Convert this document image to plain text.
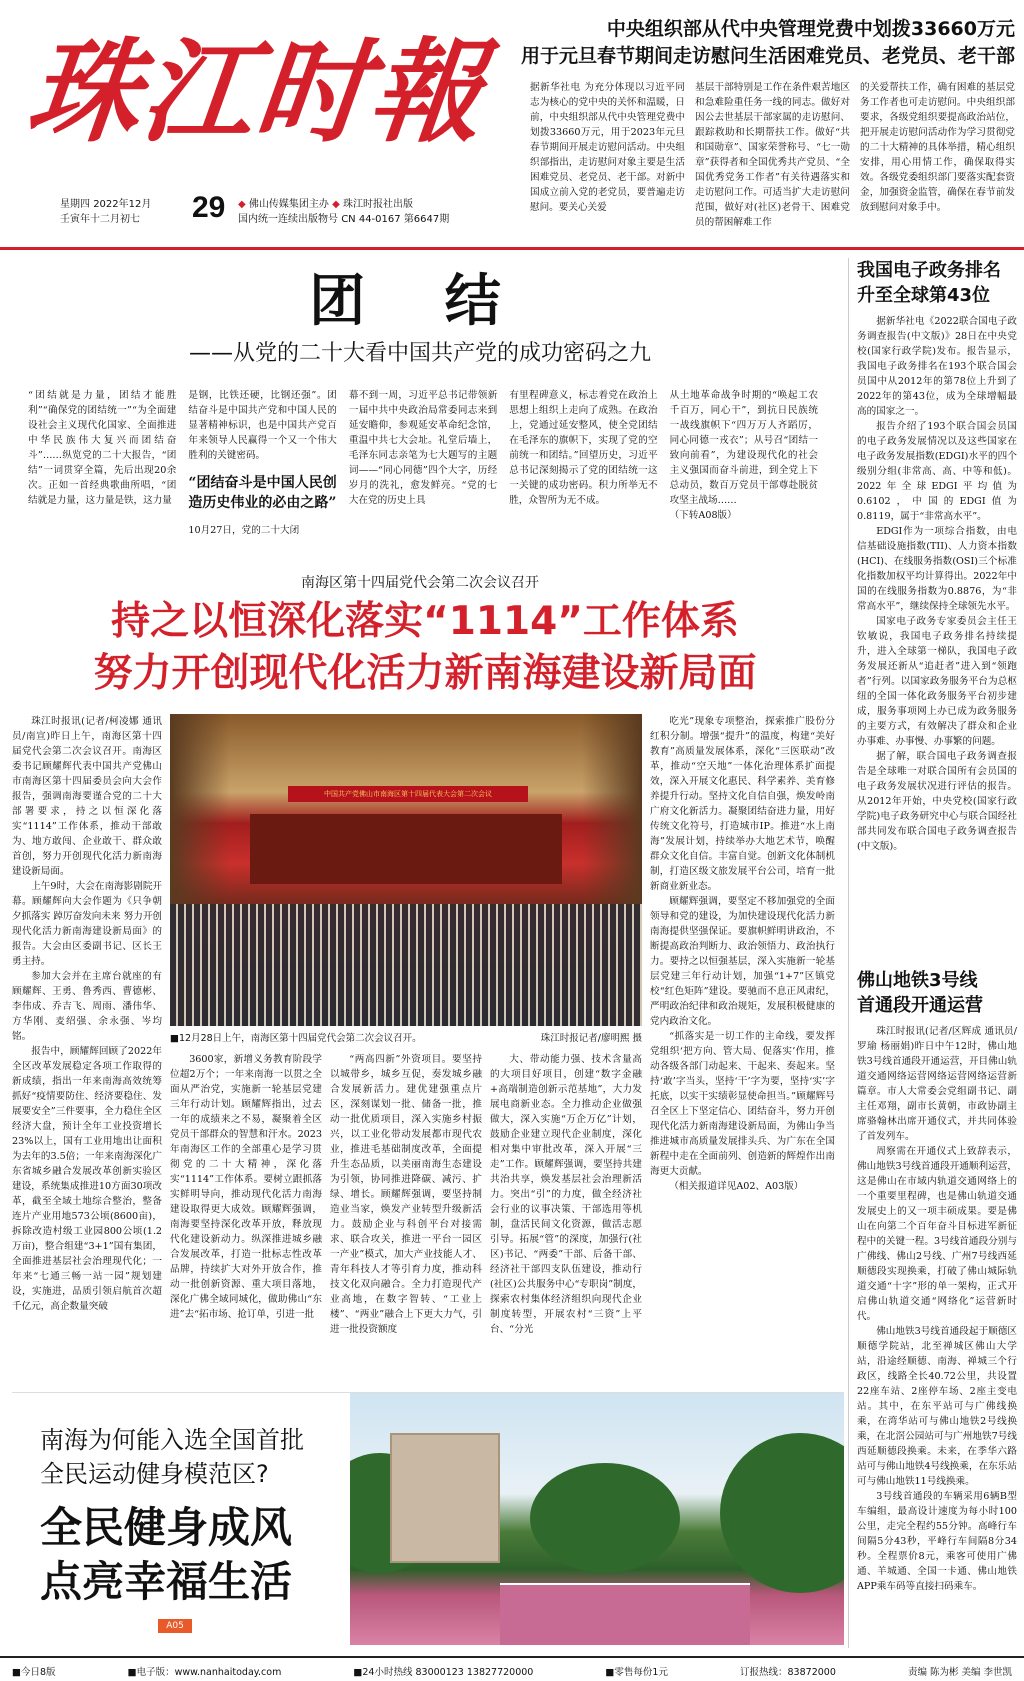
珠江时報
星期四 2022年12月
壬寅年十二月初七	29 ◆ 佛山传媒集团主办 ◆ 珠江时报社出版
国内统一连续出版物号 CN 44-0167 第6647期
中央组织部从代中央管理党费中划拨33660万元
用于元旦春节期间走访慰问生活困难党员、老党员、老干部

据新华社电 为充分体现以习近平同志为核心的党中央的关怀和温暖，日前，中央组织部从代中央管理党费中划拨33660万元，用于2023年元旦春节期间开展走访慰问活动。中央组织部指出，走访慰问对象主要是生活困难党员、老党员、老干部。对新中国成立前入党的老党员，要普遍走访慰问。要关心关爱

基层干部特别是工作在条件艰苦地区和急难险重任务一线的同志。做好对因公去世基层干部家属的走访慰问、跟踪救助和长期帮扶工作。做好“共和国勋章”、国家荣誉称号、“七一勋章”获得者和全国优秀共产党员、“全国优秀党务工作者”有关待遇落实和走访慰问工作。可适当扩大走访慰问范围，做好对(社区)老骨干、困难党员的帮困解难工作

的关爱帮扶工作，确有困难的基层党务工作者也可走访慰问。中央组织部要求，各级党组织要提高政治站位，把开展走访慰问活动作为学习贯彻党的二十大精神的具体举措，精心组织安排，用心用情工作，确保取得实效。各级党委组织部门要落实配套资金，加强资金监管，确保在春节前发放到慰问对象手中。

团 结
——从党的二十大看中国共产党的成功密码之九

“团结就是力量，团结才能胜利”“确保党的团结统一”“为全面建设社会主义现代化国家、全面推进中华民族伟大复兴而团结奋斗”……纵览党的二十大报告，“团结”一词贯穿全篇，先后出现20余次。正如一首经典歌曲所唱，“团结就是力量，这力量是铁，这力量

是钢，比铁还硬，比钢还强”。团结奋斗是中国共产党和中国人民的显著精神标识，也是中国共产党百年来领导人民赢得一个又一个伟大胜利的关键密码。
“团结奋斗是中国人民创造历史伟业的必由之路”
10月27日，党的二十大闭

幕不到一周，习近平总书记带领新一届中共中央政治局常委同志来到延安瞻仰，参观延安革命纪念馆，重温中共七大会址。礼堂后墙上，毛泽东同志亲笔为七大题写的主题词——“同心同德”四个大字，历经岁月的洗礼，愈发鲜亮。“党的七大在党的历史上具

有里程碑意义，标志着党在政治上思想上组织上走向了成熟。在政治上，党通过延安整风，使全党团结在毛泽东的旗帜下，实现了党的空前统一和团结。”回望历史，习近平总书记深刻揭示了党的团结统一这一关键的成功密码。积力所举无不胜，众智所为无不成。

从土地革命战争时期的“唤起工农千百万，同心干”，到抗日民族统一战线旗帜下“四万万人齐蹈厉，同心同德一戎衣”；从号召“团结一致向前看”，为建设现代化的社会主义强国而奋斗前进，到全党上下总动员，数百万党员干部尊赴脱贫攻坚主战场……
（下转A08版）

我国电子政务排名
升至全球第43位

据新华社电《2022联合国电子政务调查报告(中文版)》28日在中央党校(国家行政学院)发布。报告显示，我国电子政务排名在193个联合国会员国中从2012年的第78位上升到了2022年的第43位，成为全球增幅最高的国家之一。

报告介绍了193个联合国会员国的电子政务发展情况以及这些国家在电子政务发展指数(EDGI)水平的四个级别分组(非常高、高、中等和低)。2022年全球EDGI平均值为0.6102，中国的EDGI值为0.8119，属于“非常高水平”。

EDGI作为一项综合指数，由电信基础设施指数(TII)、人力资本指数(HCI)、在线服务指数(OSI)三个标准化指数加权平均计算得出。2022年中国的在线服务指数为0.8876，为“非常高水平”，继续保持全球领先水平。

国家电子政务专家委员会主任王钦敏说，我国电子政务排名持续提升，进入全球第一梯队，我国电子政务发展还新从“追赶者”进入到“领跑者”行列。以国家政务服务平台为总枢纽的全国一体化政务服务平台初步建成，服务事项网上办已成为政务服务的主要方式，有效解决了群众和企业办事难、办事慢、办事繁的问题。

据了解，联合国电子政务调查报告是全球唯一对联合国所有会员国的电子政务发展状况进行评估的报告。从2012年开始，中央党校(国家行政学院)电子政务研究中心与联合国经社部共同发布联合国电子政务调查报告(中文版)。

佛山地铁3号线
首通段开通运营

珠江时报讯(记者/区辉成 通讯员/罗瑜 杨丽娟)昨日中午12时，佛山地铁3号线首通段开通运营，开目佛山轨道交通网络运营网络运营网络运营新篇章。市人大常委会党组副书记、副主任邓翔，副市长黄朝，市政协副主席骆翰林出席开通仪式，并共同体验了首发列车。

周察需在开通仪式上致辞表示，佛山地铁3号线首通段开通顺利运营，这是佛山在市域内轨道交通网络上的一个重要里程碑，也是佛山轨道交通发展史上的又一项丰硕成果。要是佛山在向第二个百年奋斗目标进军新征程中的关键一程。3号线首通段分别与广佛线、佛山2号线、广州7号线西延顺德段实现换乘，打破了佛山城际轨道交通“十字”形的单一架构，正式开启佛山轨道交通“网络化”运营新时代。

佛山地铁3号线首通段起于顺德区顺德学院站，北至禅城区佛山大学站，沿途经顺德、南海、禅城三个行政区，线路全长40.72公里，共设置22座车站、2座停车场、2座主变电站。其中，在东平站可与广佛线换乘，在湾华站可与佛山地铁2号线换乘，在北滘公园站可与广州地铁7号线西延顺德段换乘。未来，在季华六路站可与佛山地铁4号线换乘，在东乐站可与佛山地铁11号线换乘。

3号线首通段的车辆采用6辆B型车编组，最高设计速度为每小时100公里，走完全程约55分钟。高峰行车间隔5分43秒，平峰行车间隔8分34秒。全程票价8元，乘客可使用广佛通、羊城通、全国一卡通、佛山地铁APP乘车码等直接扫码乘车。

南海区第十四届党代会第二次会议召开
持之以恒深化落实“1114”工作体系
努力开创现代化活力新南海建设新局面

珠江时报讯(记者/柯凌娜 通讯员/南宣)昨日上午，南海区第十四届党代会第二次会议召开。南海区委书记顾耀辉代表中国共产党佛山市南海区第十四届委员会向大会作报告，强调南海要谨合党的二十大部署要求，持之以恒深化落实“1114”工作体系，推动干部敢为、地方敢闯、企业敢干、群众敢首创，努力开创现代化活力新南海建设新局面。

上午9时，大会在南海影剧院开幕。顾耀辉向大会作题为《只争朝夕抓落实 踔厉奋发向未来 努力开创现代化活力新南海建设新局面》的报告。大会由区委副书记、区长王勇主持。

参加大会并在主席台就座的有顾耀辉、王勇、鲁秀西、曹德彬、李伟成、乔吉飞、周雨、潘伟华、方华刚、麦绍强、余永强、岑均铭。

报告中，顾耀辉回顾了2022年全区改革发展稳定各项工作取得的新成绩，指出一年来南海高效统筹抓好“疫情要防住、经济要稳住、发展要安全”三件要事，全力稳住全区经济大盘，预计全年工业投资增长23%以上，国有工业用地出让面积为去年的3.5倍；一年来南海深化广东省城乡融合发展改革创新实验区建设，系统集成推进10方面30项改革，截至全域土地综合整治，整备连片产业用地573公顷(8600亩)，拆除改造村级工业园800公顷(1.2万亩)，整合组建“3+1”国有集团，全面推进基层社会治理现代化；一年来“七通三畅一站一园”规划建设，实施进，品质引领启航首次超千亿元，高企数量突破

中国共产党佛山市南海区第十四届代表大会第二次会议
■12月28日上午，南海区第十四届党代会第二次会议召开。	珠江时报记者/廖明熙 摄

3600家，新增义务教育阶段学位超2万个；一年来南海一以贯之全面从严治党，实施新一轮基层党建三年行动计划。顾耀辉指出，过去一年的成绩来之不易，凝聚着全区党员干部群众的智慧和汗水。2023年南海区工作的全部重心是学习贯彻党的二十大精神，深化落实“1114”工作体系。要树立跟抓落实鲜明导向，推动现代化活力南海建设取得更大成效。顾耀辉强调，南海要坚持深化改革开放，释放现代化建设新动力。纵深推进城乡融合发展改革，打造一批标志性改革品牌，持续扩大对外开放合作，推动一批创新资源、重大项目落地，深化广佛全域同城化，做助佛山“东进”去“拓市场、抢订单，引进一批

“两高四新”外资项目。要坚持以城带乡，城乡互促，奏发城乡融合发展新活力。建优建强重点片区，深刻谋划一批、储备一批，推动一批优质项目，深入实施乡村振兴，以工业化带动发展都市现代农业，推进毛基础制度改革，全面提升生态品质，以美丽南海生态建设为引领，协同推进降碳、减污、扩绿、增长。顾耀辉强调，要坚持制造业当家，焕发产业转型升级新活力。鼓励企业与科创平台对接需求、联合攻关，推进一平台一园区一产业”模式，加大产业技能人才、青年科技人才等引育力度，推动科技文化双向融合。全力打造现代产业高地，在数字智转、“工业上楼”、“两业”融合上下更大力气，引进一批投资额度

大、带动能力强、技术含量高的大项目好项目，创建“数字金融+高端制造创新示范基地”，大力发展电商新业态。全力推动企业做强做大，深入实施“万企万亿”计划，鼓励企业建立现代企业制度，深化相对集中审批改革，深入开展“三走”工作。顾耀辉强调，要坚持共建共治共享，焕发基层社会治理新活力。突出“引”的力度，做全经济社会行业的议事决策、干部选用等机制，盘活民间文化资源，做活志愿引导。拓展“管”的深度，加强行(社区)书记、“两委”干部、后备干部、经济社干部四支队伍建设，推动行(社区)公共服务中心“专职岗”制度，探索农村集体经济组织向现代企业制度转型，开展农村“三资”上平台、“分光

吃光”现象专项整治，探索推广股份分红积分制。增强“提升”的温度，构建“美好教育”高质量发展体系，深化“三医联动”改革，推动“空天地”一体化治理体系扩面提效，深入开展文化惠民、科学素养、美育修养提升行动。坚持文化自信自强，焕发岭南广府文化新活力。凝聚团结奋进力量，用好传统文化符号，打造城市IP。推进“水上南海”发展计划，持续举办大地艺术节，唤醒群众文化自信。丰富自觉。创新文化体制机制，打造区级文旅发展平台公司，培育一批新商业新业态。

顾耀辉强调，要坚定不移加强党的全面领导和党的建设，为加快建设现代化活力新南海提供坚强保证。要旗帜鲜明讲政治，不断提高政治判断力、政治领悟力、政治执行力。要持之以恒强基层，深入实施新一轮基层党建三年行动计划，加强“1+7”区镇党校“红色矩阵”建设。要驰而不息正风肃纪，严明政治纪律和政治规矩，发展积极健康的党内政治文化。

“抓落实是一切工作的主命线，要发挥党组织‘把方向、管大局、促落实’作用，推动各级各部门动起来、干起来、奏起来。坚持‘敢’字当头，坚持‘干’字为要，坚持‘实’字托底，以实干实绩彰显使命担当。”顾耀辉号召全区上下坚定信心、团结奋斗，努力开创现代化活力新南海建设新局面，为佛山争当推进城市高质量发展排头兵、为广东在全国新程中走在全面前列、创造新的辉煌作出南海更大贡献。

（相关报道详见A02、A03版）

南海为何能入选全国首批
全民运动健身模范区?
全民健身成风
点亮幸福生活
A05
■今日8版	■电子版：www.nanhaitoday.com	■24小时热线 83000123 13827720000	■零售每份1元	订报热线：83872000	责编 陈为彬 美编 李世凯
